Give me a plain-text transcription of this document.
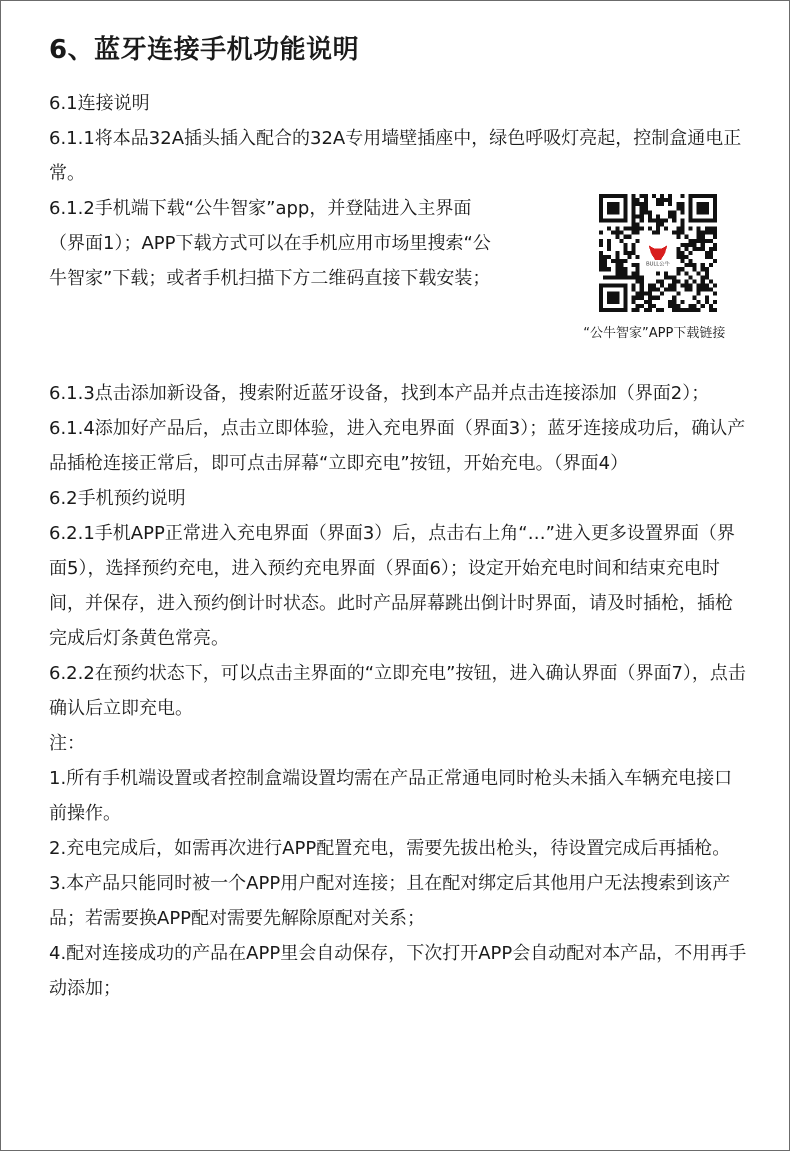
6、蓝牙连接手机功能说明

6.1连接说明

6.1.1将本品32A插头插入配合的32A专用墙壁插座中，绿色呼吸灯亮起，控制盒通电正常。

6.1.2手机端下载“公牛智家”app，并登陆进入主界面（界面1）；APP下载方式可以在手机应用市场里搜索“公牛智家”下载；或者手机扫描下方二维码直接下载安装；

BULL公牛
“公牛智家”APP下载链接

6.1.3点击添加新设备，搜索附近蓝牙设备，找到本产品并点击连接添加（界面2）；

6.1.4添加好产品后，点击立即体验，进入充电界面（界面3）；蓝牙连接成功后，确认产品插枪连接正常后，即可点击屏幕“立即充电”按钮，开始充电。（界面4）

6.2手机预约说明

6.2.1手机APP正常进入充电界面（界面3）后，点击右上角“…”进入更多设置界面（界面5），选择预约充电，进入预约充电界面（界面6）；设定开始充电时间和结束充电时间，并保存，进入预约倒计时状态。此时产品屏幕跳出倒计时界面，请及时插枪，插枪完成后灯条黄色常亮。

6.2.2在预约状态下，可以点击主界面的“立即充电”按钮，进入确认界面（界面7），点击确认后立即充电。

注：

1.所有手机端设置或者控制盒端设置均需在产品正常通电同时枪头未插入车辆充电接口前操作。

2.充电完成后，如需再次进行APP配置充电，需要先拔出枪头，待设置完成后再插枪。

3.本产品只能同时被一个APP用户配对连接；且在配对绑定后其他用户无法搜索到该产品；若需要换APP配对需要先解除原配对关系；

4.配对连接成功的产品在APP里会自动保存，下次打开APP会自动配对本产品，不用再手动添加；
